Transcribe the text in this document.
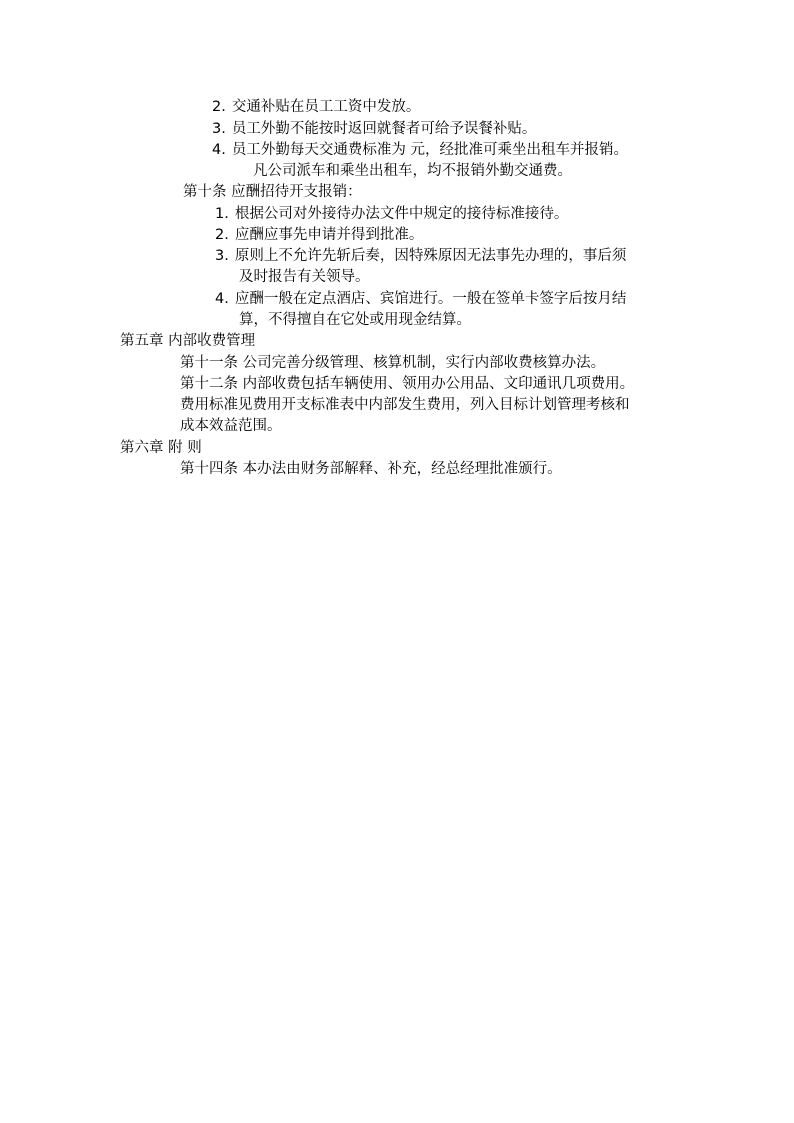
2. 交通补贴在员工工资中发放。
3. 员工外勤不能按时返回就餐者可给予误餐补贴。
4. 员工外勤每天交通费标准为 元，经批准可乘坐出租车并报销。
凡公司派车和乘坐出租车，均不报销外勤交通费。
第十条 应酬招待开支报销：
1. 根据公司对外接待办法文件中规定的接待标准接待。
2. 应酬应事先申请并得到批准。
3. 原则上不允许先斩后奏，因特殊原因无法事先办理的，事后须
及时报告有关领导。
4. 应酬一般在定点酒店、宾馆进行。一般在签单卡签字后按月结
算，不得擅自在它处或用现金结算。
第五章 内部收费管理
第十一条 公司完善分级管理、核算机制，实行内部收费核算办法。
第十二条 内部收费包括车辆使用、领用办公用品、文印通讯几项费用。
费用标准见费用开支标准表中内部发生费用，列入目标计划管理考核和
成本效益范围。
第六章 附 则
第十四条 本办法由财务部解释、补充，经总经理批准颁行。
